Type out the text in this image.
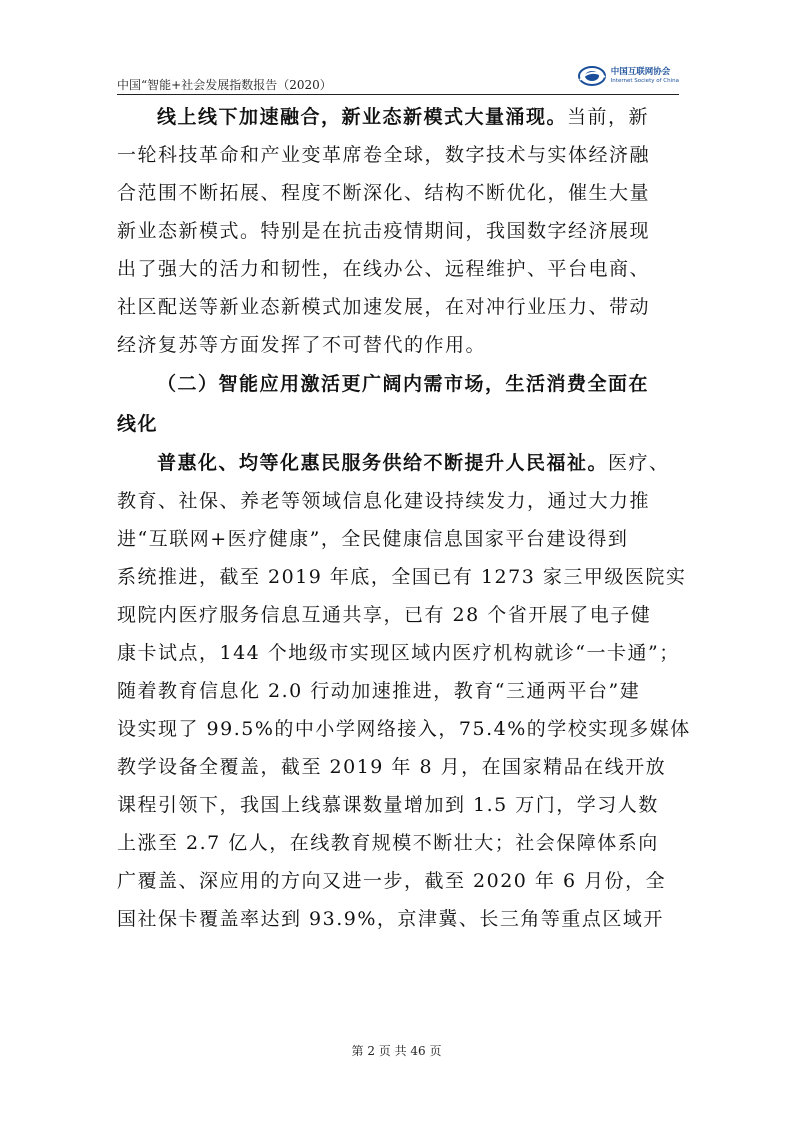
中国“智能+社会发展指数报告（2020）
中国互联网协会
Internet Society of China
线上线下加速融合，新业态新模式大量涌现。当前，新
一轮科技革命和产业变革席卷全球，数字技术与实体经济融
合范围不断拓展、程度不断深化、结构不断优化，催生大量
新业态新模式。特别是在抗击疫情期间，我国数字经济展现
出了强大的活力和韧性，在线办公、远程维护、平台电商、
社区配送等新业态新模式加速发展，在对冲行业压力、带动
经济复苏等方面发挥了不可替代的作用。
（二）智能应用激活更广阔内需市场，生活消费全面在
线化
普惠化、均等化惠民服务供给不断提升人民福祉。医疗、
教育、社保、养老等领域信息化建设持续发力，通过大力推
进“互联网+医疗健康”，全民健康信息国家平台建设得到
系统推进，截至 2019 年底，全国已有 1273 家三甲级医院实
现院内医疗服务信息互通共享，已有 28 个省开展了电子健
康卡试点，144 个地级市实现区域内医疗机构就诊“一卡通”；
随着教育信息化 2.0 行动加速推进，教育“三通两平台”建
设实现了 99.5%的中小学网络接入，75.4%的学校实现多媒体
教学设备全覆盖，截至 2019 年 8 月，在国家精品在线开放
课程引领下，我国上线慕课数量增加到 1.5 万门，学习人数
上涨至 2.7 亿人，在线教育规模不断壮大；社会保障体系向
广覆盖、深应用的方向又进一步，截至 2020 年 6 月份，全
国社保卡覆盖率达到 93.9%，京津冀、长三角等重点区域开
第 2 页 共 46 页
